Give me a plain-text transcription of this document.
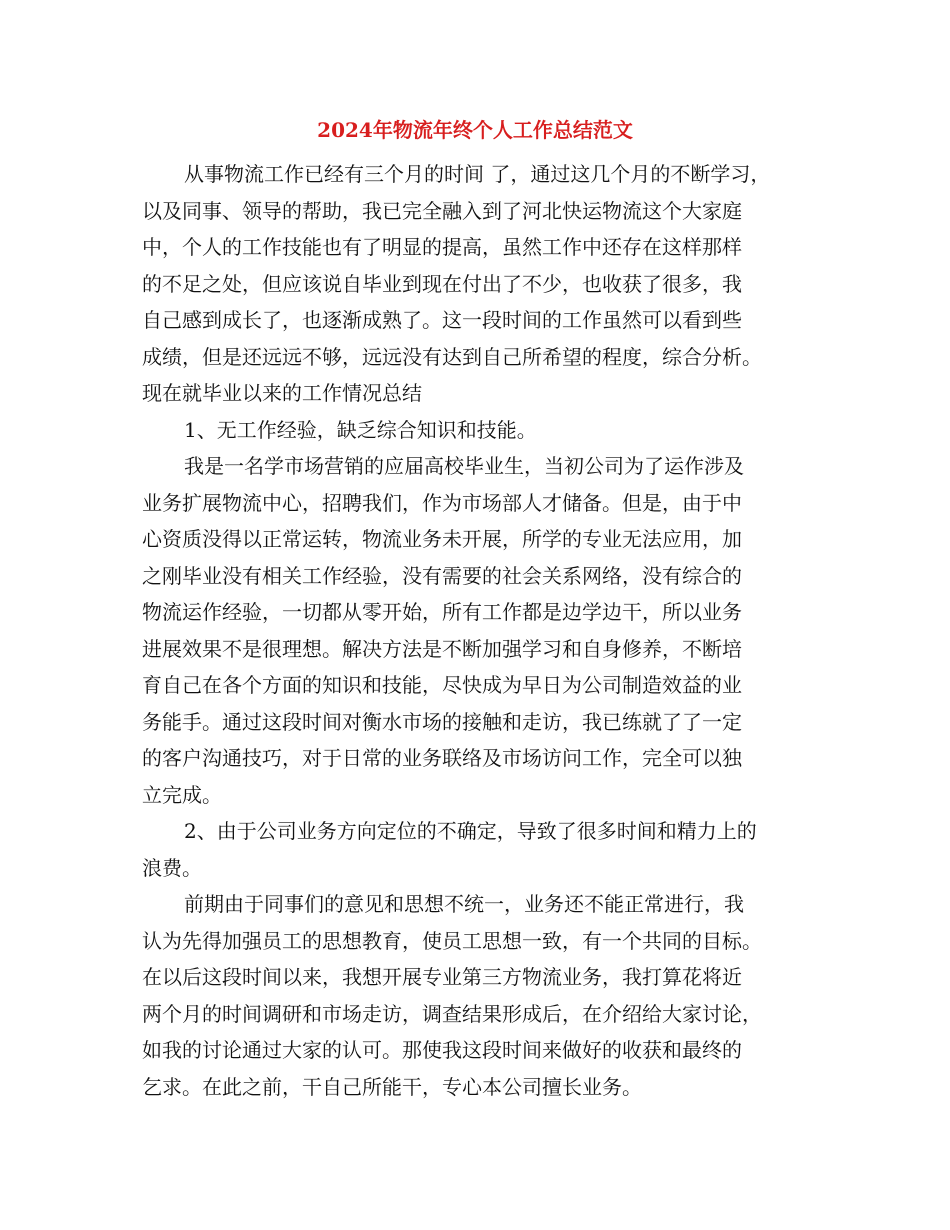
2024年物流年终个人工作总结范文
从事物流工作已经有三个月的时间 了，通过这几个月的不断学习，
以及同事、领导的帮助，我已完全融入到了河北快运物流这个大家庭
中，个人的工作技能也有了明显的提高，虽然工作中还存在这样那样
的不足之处，但应该说自毕业到现在付出了不少，也收获了很多，我
自己感到成长了，也逐渐成熟了。这一段时间的工作虽然可以看到些
成绩，但是还远远不够，远远没有达到自己所希望的程度，综合分析。
现在就毕业以来的工作情况总结
1、无工作经验，缺乏综合知识和技能。
我是一名学市场营销的应届高校毕业生，当初公司为了运作涉及
业务扩展物流中心，招聘我们，作为市场部人才储备。但是，由于中
心资质没得以正常运转，物流业务未开展，所学的专业无法应用，加
之刚毕业没有相关工作经验，没有需要的社会关系网络，没有综合的
物流运作经验，一切都从零开始，所有工作都是边学边干，所以业务
进展效果不是很理想。解决方法是不断加强学习和自身修养，不断培
育自己在各个方面的知识和技能，尽快成为早日为公司制造效益的业
务能手。通过这段时间对衡水市场的接触和走访，我已练就了了一定
的客户沟通技巧，对于日常的业务联络及市场访问工作，完全可以独
立完成。
2、由于公司业务方向定位的不确定，导致了很多时间和精力上的
浪费。
前期由于同事们的意见和思想不统一，业务还不能正常进行，我
认为先得加强员工的思想教育，使员工思想一致，有一个共同的目标。
在以后这段时间以来，我想开展专业第三方物流业务，我打算花将近
两个月的时间调研和市场走访，调查结果形成后，在介绍给大家讨论，
如我的讨论通过大家的认可。那使我这段时间来做好的收获和最终的
乞求。在此之前，干自己所能干，专心本公司擅长业务。
